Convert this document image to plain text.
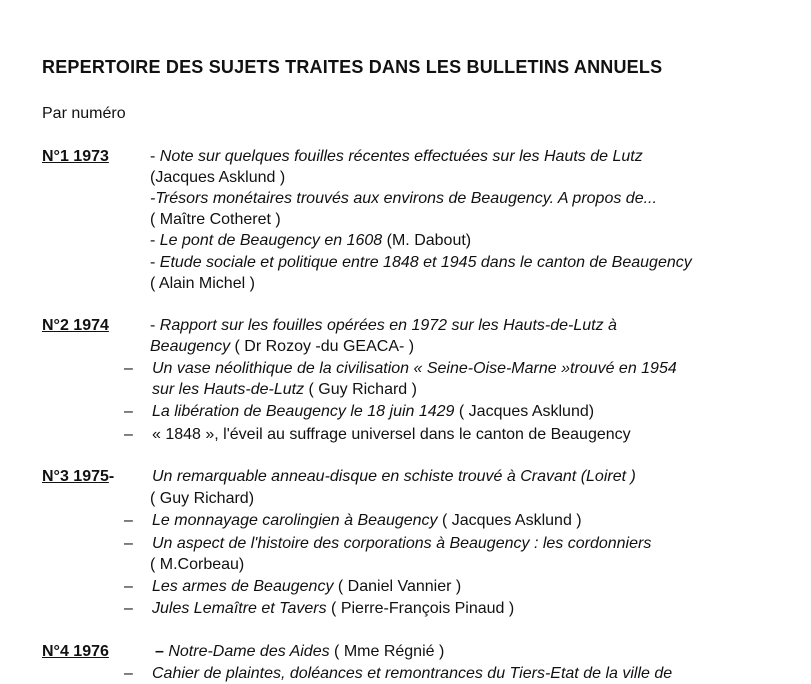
REPERTOIRE DES SUJETS TRAITES DANS LES BULLETINS ANNUELS
Par numéro
N°1 1973	- Note sur quelques fouilles récentes effectuées sur les Hauts de Lutz
(Jacques Asklund )
-Trésors monétaires trouvés aux environs de Beaugency. A propos de...
( Maître Cotheret )
- Le pont de Beaugency en 1608 (M. Dabout)
- Etude sociale et politique entre 1848 et 1945 dans le canton de Beaugency
( Alain Michel )
N°2 1974	- Rapport sur les fouilles opérées en 1972 sur les Hauts-de-Lutz à
Beaugency ( Dr Rozoy -du GEACA- )
– Un vase néolithique de la civilisation « Seine-Oise-Marne »trouvé en 1954
sur les Hauts-de-Lutz ( Guy Richard )
– La libération de Beaugency le 18 juin 1429 ( Jacques Asklund)
– « 1848 », l'éveil au suffrage universel dans le canton de Beaugency
N°3 1975- Un remarquable anneau-disque en schiste trouvé à Cravant (Loiret )
( Guy Richard)
– Le monnayage carolingien à Beaugency ( Jacques Asklund )
– Un aspect de l'histoire des corporations à Beaugency : les cordonniers
( M.Corbeau)
– Les armes de Beaugency ( Daniel Vannier )
– Jules Lemaître et Tavers ( Pierre-François Pinaud )
N°4 1976	– Notre-Dame des Aides ( Mme Régnié )
– Cahier de plaintes, doléances et remontrances du Tiers-Etat de la ville de
